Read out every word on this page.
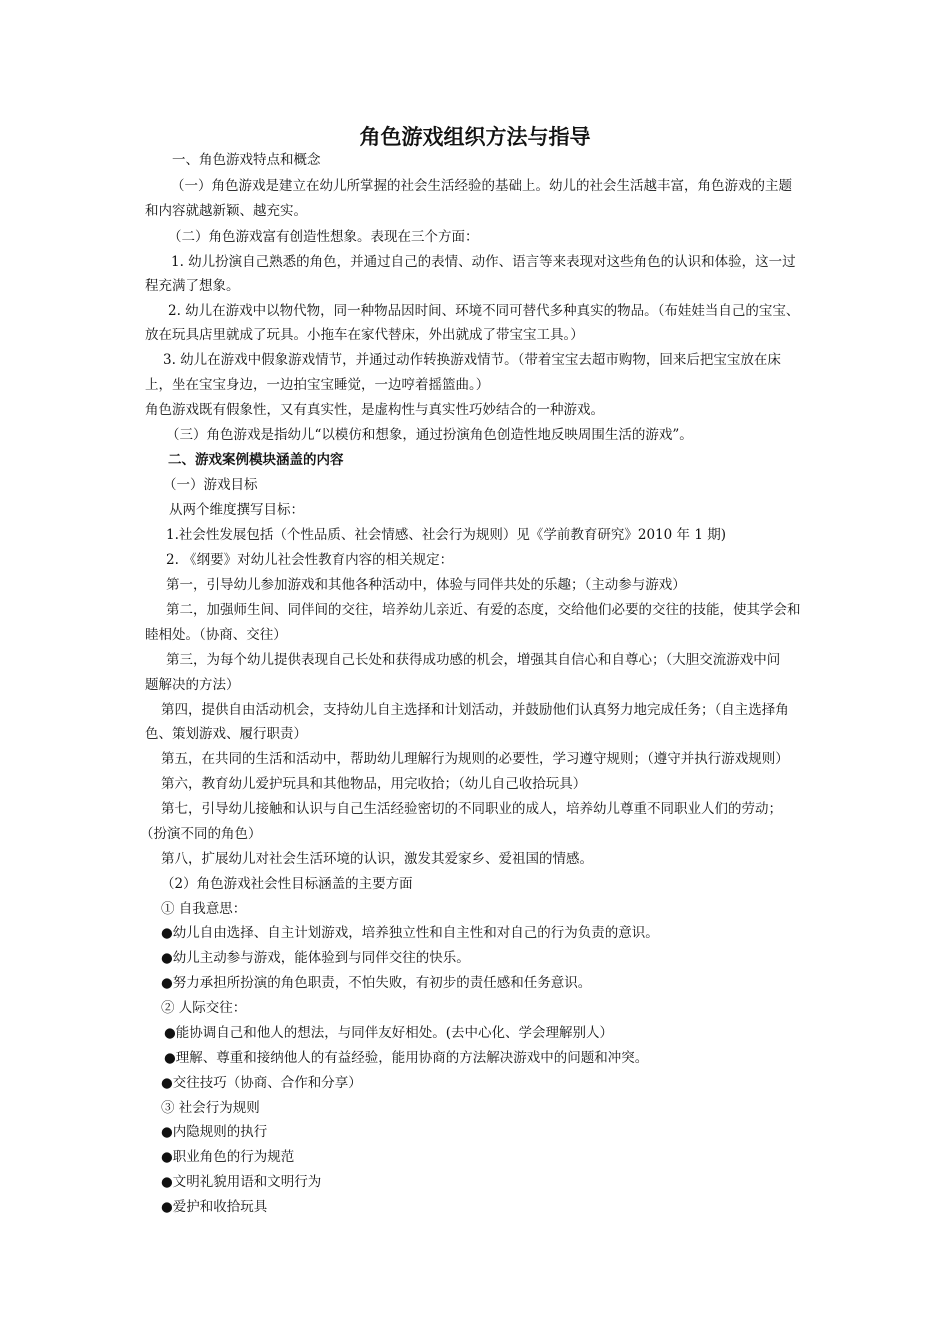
角色游戏组织方法与指导
一、角色游戏特点和概念
（一）角色游戏是建立在幼儿所掌握的社会生活经验的基础上。幼儿的社会生活越丰富，角色游戏的主题
和内容就越新颖、越充实。
（二）角色游戏富有创造性想象。表现在三个方面：
1. 幼儿扮演自己熟悉的角色，并通过自己的表情、动作、语言等来表现对这些角色的认识和体验，这一过
程充满了想象。
2. 幼儿在游戏中以物代物，同一种物品因时间、环境不同可替代多种真实的物品。（布娃娃当自己的宝宝、
放在玩具店里就成了玩具。小拖车在家代替床，外出就成了带宝宝工具。）
3. 幼儿在游戏中假象游戏情节，并通过动作转换游戏情节。（带着宝宝去超市购物，回来后把宝宝放在床
上，坐在宝宝身边，一边拍宝宝睡觉，一边哼着摇篮曲。）
角色游戏既有假象性，又有真实性，是虚构性与真实性巧妙结合的一种游戏。
（三）角色游戏是指幼儿“以模仿和想象，通过扮演角色创造性地反映周围生活的游戏”。
二、游戏案例模块涵盖的内容
（一）游戏目标
从两个维度撰写目标：
1.社会性发展包括（个性品质、社会情感、社会行为规则）见《学前教育研究》2010 年 1 期)
2. 《纲要》对幼儿社会性教育内容的相关规定：
第一，引导幼儿参加游戏和其他各种活动中，体验与同伴共处的乐趣；（主动参与游戏）
第二，加强师生间、同伴间的交往，培养幼儿亲近、有爱的态度，交给他们必要的交往的技能，使其学会和
睦相处。（协商、交往）
第三，为每个幼儿提供表现自己长处和获得成功感的机会，增强其自信心和自尊心；（大胆交流游戏中问
题解决的方法）
第四，提供自由活动机会，支持幼儿自主选择和计划活动，并鼓励他们认真努力地完成任务；（自主选择角
色、策划游戏、履行职责）
第五，在共同的生活和活动中，帮助幼儿理解行为规则的必要性，学习遵守规则；（遵守并执行游戏规则）
第六，教育幼儿爱护玩具和其他物品，用完收拾；（幼儿自己收拾玩具）
第七，引导幼儿接触和认识与自己生活经验密切的不同职业的成人，培养幼儿尊重不同职业人们的劳动；
（扮演不同的角色）
第八，扩展幼儿对社会生活环境的认识，激发其爱家乡、爱祖国的情感。
（2）角色游戏社会性目标涵盖的主要方面
① 自我意思：
●幼儿自由选择、自主计划游戏，培养独立性和自主性和对自己的行为负责的意识。
●幼儿主动参与游戏，能体验到与同伴交往的快乐。
●努力承担所扮演的角色职责，不怕失败，有初步的责任感和任务意识。
② 人际交往：
●能协调自己和他人的想法，与同伴友好相处。(去中心化、学会理解别人）
●理解、尊重和接纳他人的有益经验，能用协商的方法解决游戏中的问题和冲突。
●交往技巧（协商、合作和分享）
③ 社会行为规则
●内隐规则的执行
●职业角色的行为规范
●文明礼貌用语和文明行为
●爱护和收拾玩具
